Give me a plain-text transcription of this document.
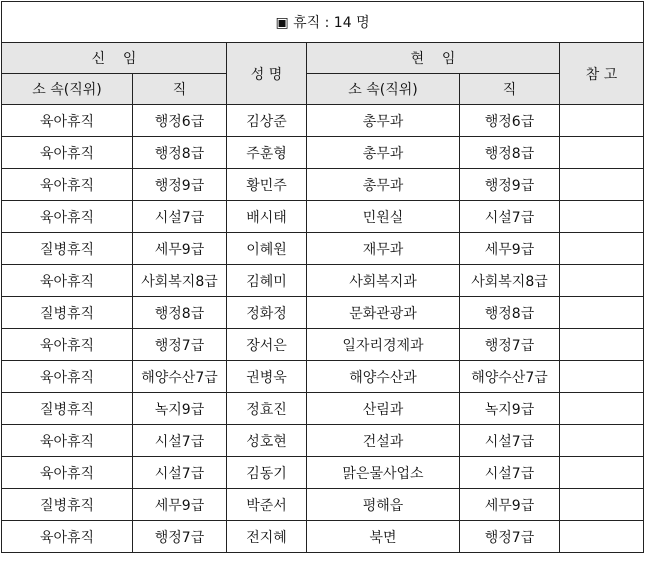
▣ 휴직 : 14 명					
신    임		성 명	현    임		참 고
소 속(직위)	직		소 속(직위)	직	
육아휴직	행정6급	김상준	총무과	행정6급	
육아휴직	행정8급	주훈형	총무과	행정8급	
육아휴직	행정9급	황민주	총무과	행정9급	
육아휴직	시설7급	배시태	민원실	시설7급	
질병휴직	세무9급	이혜원	재무과	세무9급	
육아휴직	사회복지8급	김혜미	사회복지과	사회복지8급	
질병휴직	행정8급	정화정	문화관광과	행정8급	
육아휴직	행정7급	장서은	일자리경제과	행정7급	
육아휴직	해양수산7급	권병욱	해양수산과	해양수산7급	
질병휴직	녹지9급	정효진	산림과	녹지9급	
육아휴직	시설7급	성호현	건설과	시설7급	
육아휴직	시설7급	김동기	맑은물사업소	시설7급	
질병휴직	세무9급	박준서	평해읍	세무9급	
육아휴직	행정7급	전지혜	북면	행정7급	
